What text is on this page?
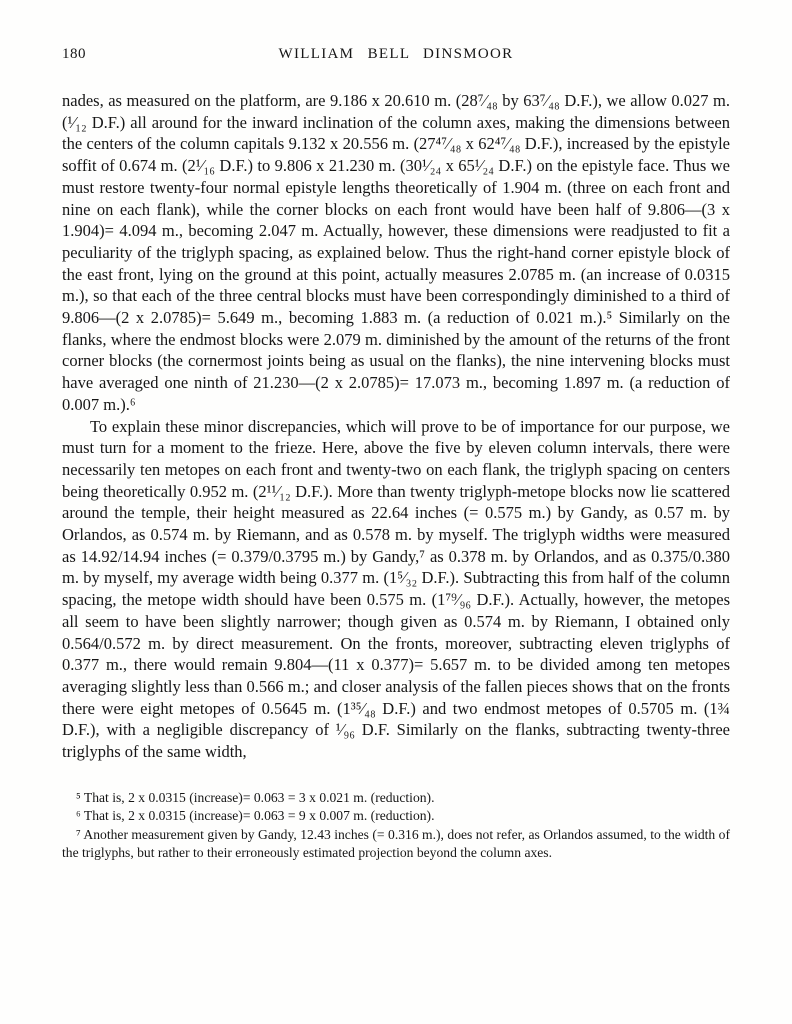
180	WILLIAM BELL DINSMOOR

nades, as measured on the platform, are 9.186 x 20.610 m. (28⁷⁄₄₈ by 63⁷⁄₄₈ D.F.), we allow 0.027 m. (¹⁄₁₂ D.F.) all around for the inward inclination of the column axes, making the dimensions between the centers of the column capitals 9.132 x 20.556 m. (27⁴⁷⁄₄₈ x 62⁴⁷⁄₄₈ D.F.), increased by the epistyle soffit of 0.674 m. (2¹⁄₁₆ D.F.) to 9.806 x 21.230 m. (30¹⁄₂₄ x 65¹⁄₂₄ D.F.) on the epistyle face. Thus we must restore twenty-four normal epistyle lengths theoretically of 1.904 m. (three on each front and nine on each flank), while the corner blocks on each front would have been half of 9.806—(3 x 1.904)= 4.094 m., becoming 2.047 m. Actually, however, these dimensions were readjusted to fit a peculiarity of the triglyph spacing, as explained below. Thus the right-hand corner epistyle block of the east front, lying on the ground at this point, actually measures 2.0785 m. (an increase of 0.0315 m.), so that each of the three central blocks must have been correspondingly diminished to a third of 9.806—(2 x 2.0785)= 5.649 m., becoming 1.883 m. (a reduction of 0.021 m.).⁵ Similarly on the flanks, where the endmost blocks were 2.079 m. diminished by the amount of the returns of the front corner blocks (the cornermost joints being as usual on the flanks), the nine intervening blocks must have averaged one ninth of 21.230—(2 x 2.0785)= 17.073 m., becoming 1.897 m. (a reduction of 0.007 m.).⁶

To explain these minor discrepancies, which will prove to be of importance for our purpose, we must turn for a moment to the frieze. Here, above the five by eleven column intervals, there were necessarily ten metopes on each front and twenty-two on each flank, the triglyph spacing on centers being theoretically 0.952 m. (2¹¹⁄₁₂ D.F.). More than twenty triglyph-metope blocks now lie scattered around the temple, their height measured as 22.64 inches (= 0.575 m.) by Gandy, as 0.57 m. by Orlandos, as 0.574 m. by Riemann, and as 0.578 m. by myself. The triglyph widths were measured as 14.92/14.94 inches (= 0.379/0.3795 m.) by Gandy,⁷ as 0.378 m. by Orlandos, and as 0.375/0.380 m. by myself, my average width being 0.377 m. (1⁵⁄₃₂ D.F.). Subtracting this from half of the column spacing, the metope width should have been 0.575 m. (1⁷⁹⁄₉₆ D.F.). Actually, however, the metopes all seem to have been slightly narrower; though given as 0.574 m. by Riemann, I obtained only 0.564/0.572 m. by direct measurement. On the fronts, moreover, subtracting eleven triglyphs of 0.377 m., there would remain 9.804—(11 x 0.377)= 5.657 m. to be divided among ten metopes averaging slightly less than 0.566 m.; and closer analysis of the fallen pieces shows that on the fronts there were eight metopes of 0.5645 m. (1³⁵⁄₄₈ D.F.) and two endmost metopes of 0.5705 m. (1¾ D.F.), with a negligible discrepancy of ¹⁄₉₆ D.F. Similarly on the flanks, subtracting twenty-three triglyphs of the same width,

⁵ That is, 2 x 0.0315 (increase)= 0.063 = 3 x 0.021 m. (reduction).

⁶ That is, 2 x 0.0315 (increase)= 0.063 = 9 x 0.007 m. (reduction).

⁷ Another measurement given by Gandy, 12.43 inches (= 0.316 m.), does not refer, as Orlandos assumed, to the width of the triglyphs, but rather to their erroneously estimated projection beyond the column axes.
